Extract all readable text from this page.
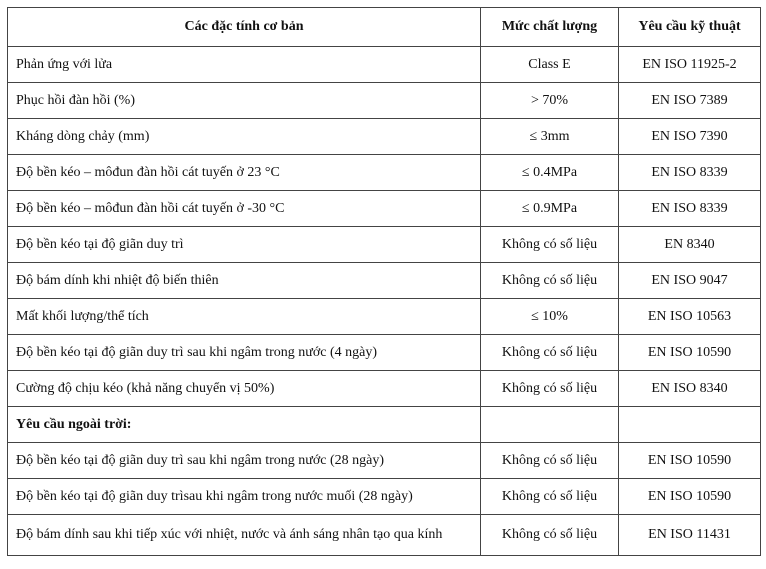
Các đặc tính cơ bản	Mức chất lượng	Yêu cầu kỹ thuật
Phản ứng với lửa	Class E	EN ISO 11925-2
Phục hồi đàn hồi (%)	> 70%	EN ISO 7389
Kháng dòng chảy (mm)	≤ 3mm	EN ISO 7390
Độ bền kéo – môđun đàn hồi cát tuyến ở 23 °C	≤ 0.4MPa	EN ISO 8339
Độ bền kéo – môđun đàn hồi cát tuyến ở -30 °C	≤ 0.9MPa	EN ISO 8339
Độ bền kéo tại độ giãn duy trì	Không có số liệu	EN 8340
Độ bám dính khi nhiệt độ biến thiên	Không có số liệu	EN ISO 9047
Mất khối lượng/thể tích	≤ 10%	EN ISO 10563
Độ bền kéo tại độ giãn duy trì sau khi ngâm trong nước (4 ngày)	Không có số liệu	EN ISO 10590
Cường độ chịu kéo (khả năng chuyển vị 50%)	Không có số liệu	EN ISO 8340
Yêu cầu ngoài trời:		
Độ bền kéo tại độ giãn duy trì sau khi ngâm trong nước (28 ngày)	Không có số liệu	EN ISO 10590
Độ bền kéo tại độ giãn duy trìsau khi ngâm trong nước muối (28 ngày)	Không có số liệu	EN ISO 10590
Độ bám dính sau khi tiếp xúc với nhiệt, nước và ánh sáng nhân tạo qua kính	Không có số liệu	EN ISO 11431
